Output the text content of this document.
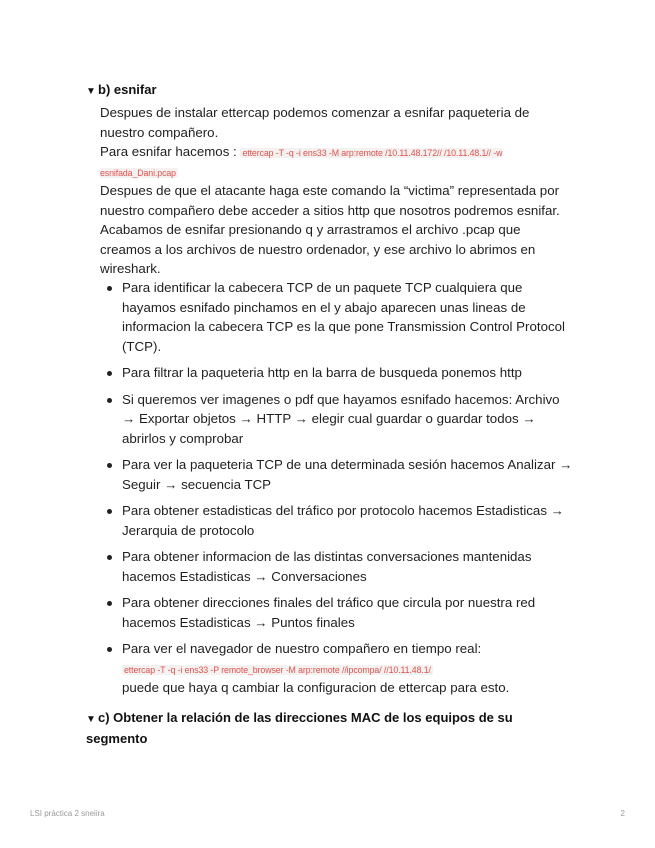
▼ b) esnifar

Despues de instalar ettercap podemos comenzar a esnifar paqueteria de nuestro compañero.

Para esnifar hacemos : ettercap -T -q -i ens33 -M arp:remote /10.11.48.172// /10.11.48.1// -w esnifada_Dani.pcap

Despues de que el atacante haga este comando la “victima” representada por nuestro compañero debe acceder a sitios http que nosotros podremos esnifar. Acabamos de esnifar presionando q y arrastramos el archivo .pcap que creamos a los archivos de nuestro ordenador, y ese archivo lo abrimos en wireshark.

Para identificar la cabecera TCP de un paquete TCP cualquiera que hayamos esnifado pinchamos en el y abajo aparecen unas lineas de informacion la cabecera TCP es la que pone Transmission Control Protocol (TCP).
Para filtrar la paqueteria http en la barra de busqueda ponemos http
Si queremos ver imagenes o pdf que hayamos esnifado hacemos: Archivo → Exportar objetos → HTTP → elegir cual guardar o guardar todos → abrirlos y comprobar
Para ver la paqueteria TCP de una determinada sesión hacemos Analizar → Seguir → secuencia TCP
Para obtener estadisticas del tráfico por protocolo hacemos Estadisticas → Jerarquia de protocolo
Para obtener informacion de las distintas conversaciones mantenidas hacemos Estadisticas → Conversaciones
Para obtener direcciones finales del tráfico que circula por nuestra red hacemos Estadisticas → Puntos finales
Para ver el navegador de nuestro compañero en tiempo real:
ettercap -T -q -i ens33 -P remote_browser -M arp:remote //ipcompa/ //10.11.48.1/
puede que haya q cambiar la configuracion de ettercap para esto.
▼ c) Obtener la relación de las direcciones MAC de los equipos de su segmento
LSI práctica 2 sneiira	2
